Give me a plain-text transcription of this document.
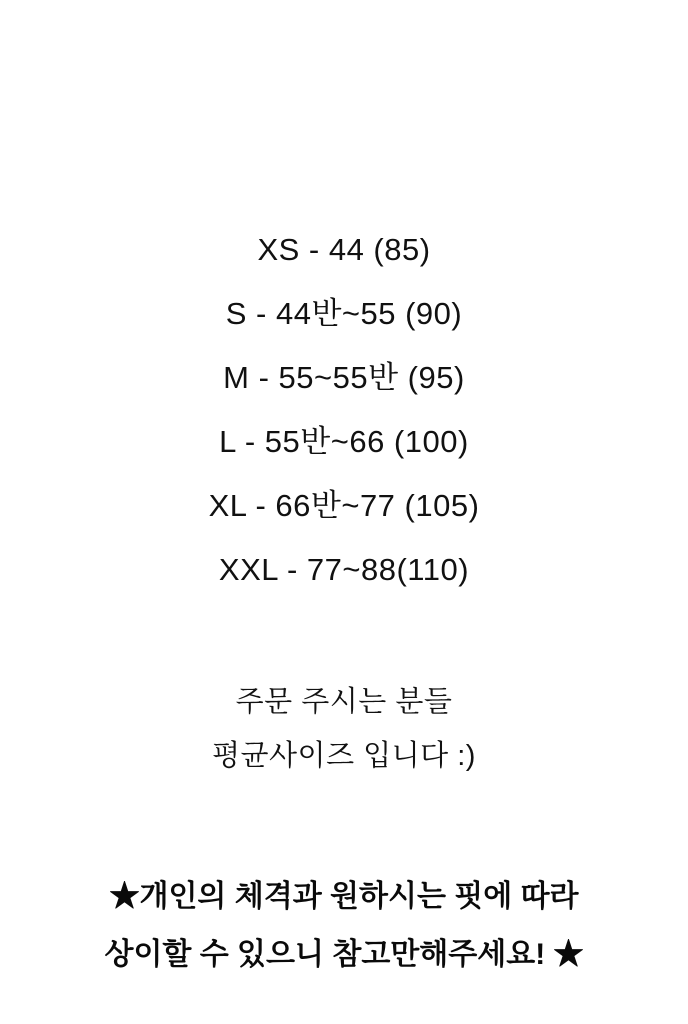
XS - 44 (85)
S - 44반~55 (90)
M - 55~55반 (95)
L - 55반~66 (100)
XL - 66반~77 (105)
XXL - 77~88(110)
주문 주시는 분들
평균사이즈 입니다 :)
★개인의 체격과 원하시는 핏에 따라
상이할 수 있으니 참고만해주세요! ★
